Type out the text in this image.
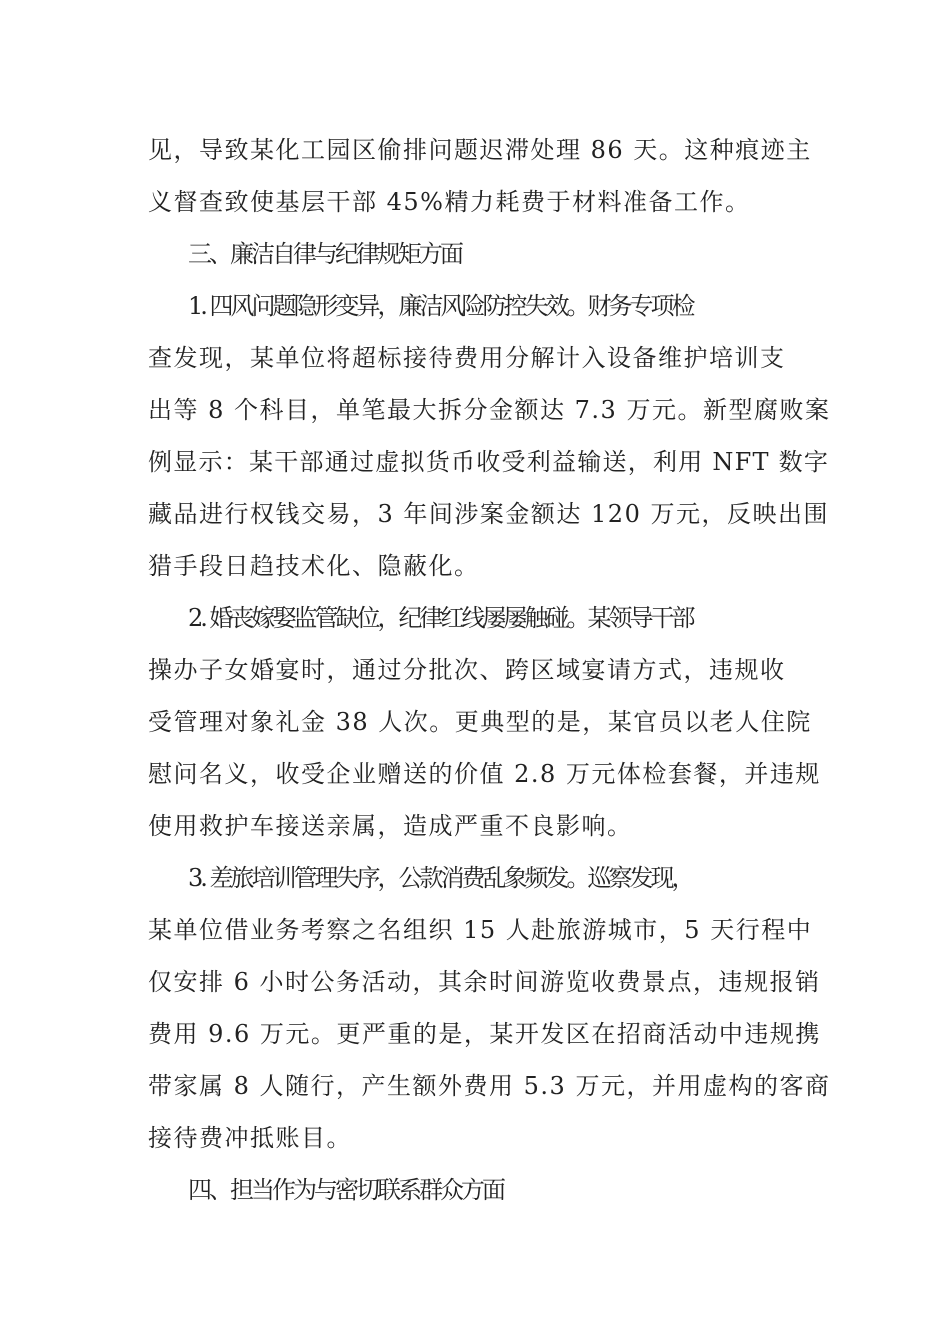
见，导致某化工园区偷排问题迟滞处理 86 天。这种痕迹主
义督查致使基层干部 45%精力耗费于材料准备工作。
三、廉洁自律与纪律规矩方面
1. 四风问题隐形变异，廉洁风险防控失效。财务专项检
查发现，某单位将超标接待费用分解计入设备维护培训支
出等 8 个科目，单笔最大拆分金额达 7.3 万元。新型腐败案
例显示：某干部通过虚拟货币收受利益输送，利用 NFT 数字
藏品进行权钱交易，3 年间涉案金额达 120 万元，反映出围
猎手段日趋技术化、隐蔽化。
2. 婚丧嫁娶监管缺位，纪律红线屡屡触碰。某领导干部
操办子女婚宴时，通过分批次、跨区域宴请方式，违规收
受管理对象礼金 38 人次。更典型的是，某官员以老人住院
慰问名义，收受企业赠送的价值 2.8 万元体检套餐，并违规
使用救护车接送亲属，造成严重不良影响。
3. 差旅培训管理失序，公款消费乱象频发。巡察发现，
某单位借业务考察之名组织 15 人赴旅游城市，5 天行程中
仅安排 6 小时公务活动，其余时间游览收费景点，违规报销
费用 9.6 万元。更严重的是，某开发区在招商活动中违规携
带家属 8 人随行，产生额外费用 5.3 万元，并用虚构的客商
接待费冲抵账目。
四、担当作为与密切联系群众方面
